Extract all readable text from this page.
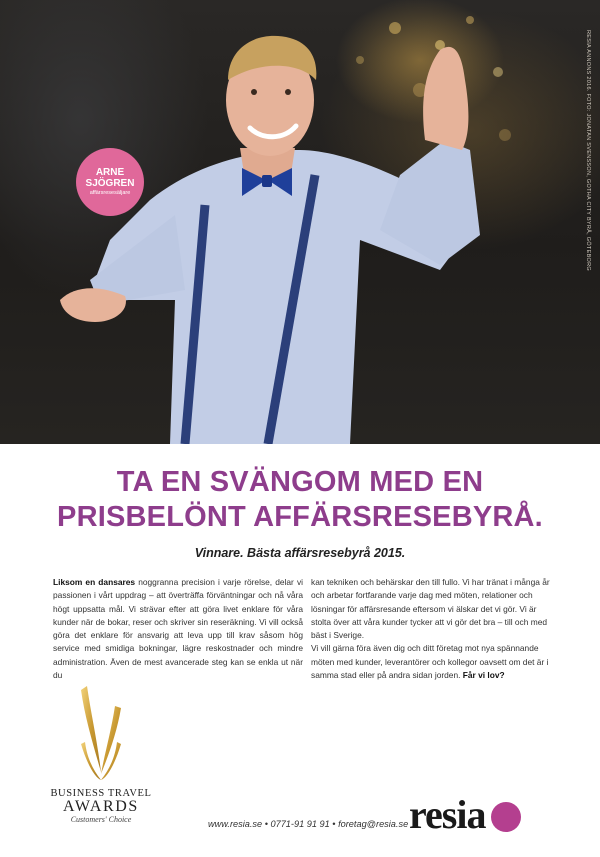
RESIA ANNONS 2016. FOTO: JONATAN SVENSSON, GOTHA CITY BYRÅ, GÖTEBORG
ARNE
SJÖGREN
affärsresesäljare
TA EN SVÄNGOM MED EN
PRISBELÖNT AFFÄRSRESEBYRÅ.
Vinnare. Bästa affärsresebyrå 2015.
Liksom en dansares noggranna precision i varje rörelse, delar vi passionen i vårt uppdrag – att överträffa förväntningar och nå våra högt uppsatta mål. Vi strävar efter att göra livet enklare för våra kunder när de bokar, reser och skriver sin reseräkning. Vi vill också göra det enklare för ansvarig att leva upp till krav såsom hög service med smidiga bokningar, lägre reskostnader och mindre administration. Även de mest avancerade steg kan se enkla ut när du
kan tekniken och behärskar den till fullo. Vi har tränat i många år och arbetar fortfarande varje dag med möten, relationer och lösningar för affärsresande eftersom vi älskar det vi gör. Vi är stolta över att våra kunder tycker att vi gör det bra – till och med bäst i Sverige.
Vi vill gärna föra även dig och ditt företag mot nya spännande möten med kunder, leverantörer och kollegor oavsett om det är i samma stad eller på andra sidan jorden. Får vi lov?
BUSINESS TRAVEL
AWARDS
Customers' Choice	www.resia.se • 0771-91 91 91 • foretag@resia.se resia
